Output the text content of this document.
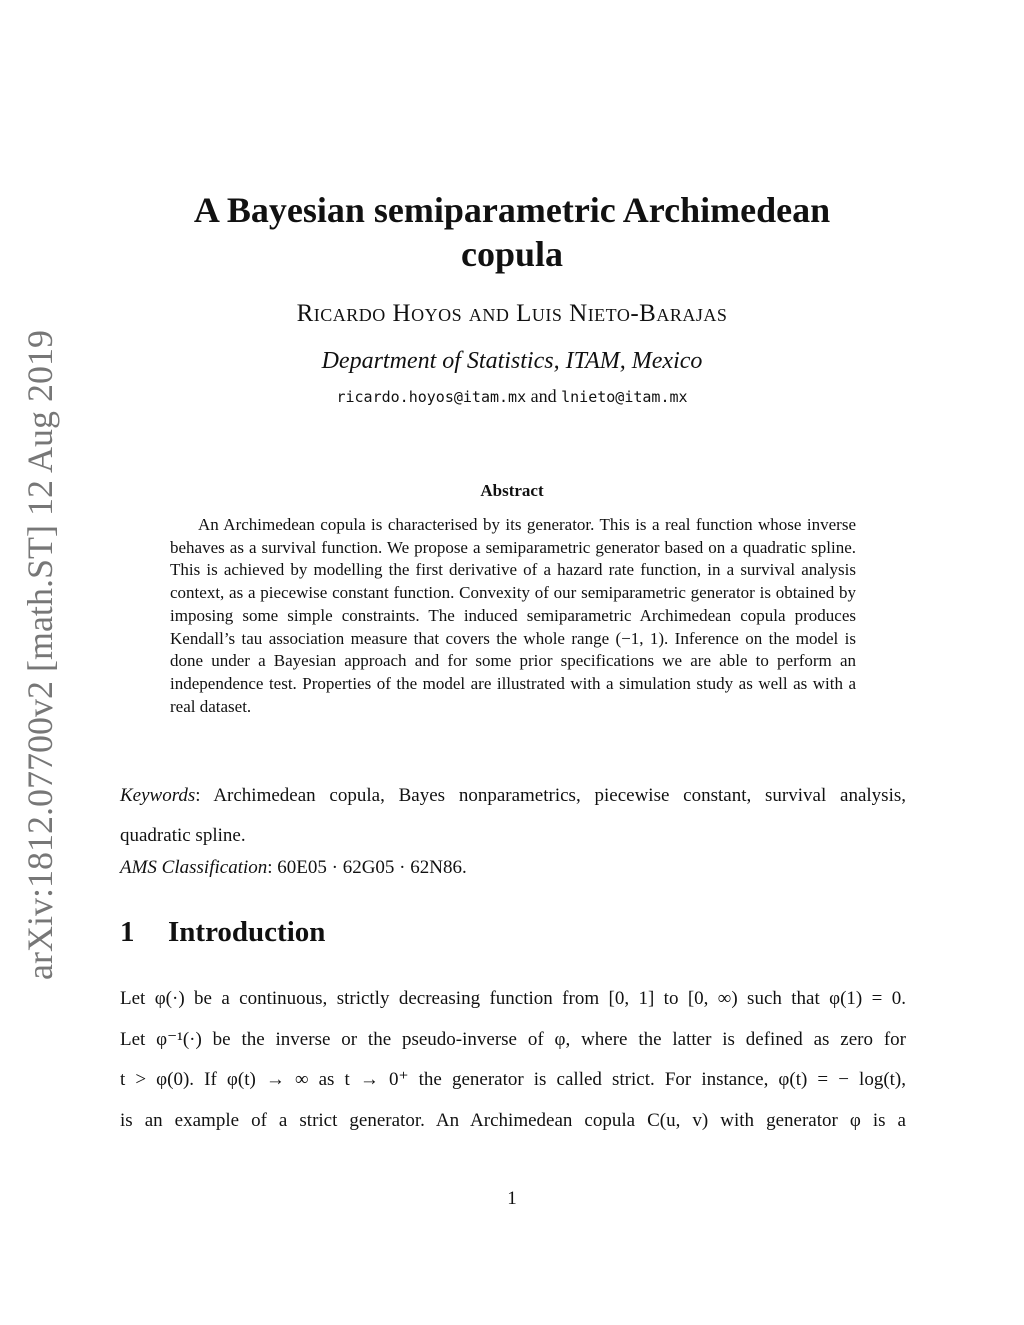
arXiv:1812.07700v2 [math.ST] 12 Aug 2019
A Bayesian semiparametric Archimedean
copula
Ricardo Hoyos and Luis Nieto-Barajas
Department of Statistics, ITAM, Mexico
ricardo.hoyos@itam.mx and lnieto@itam.mx
Abstract

An Archimedean copula is characterised by its generator. This is a real function whose inverse behaves as a survival function. We propose a semiparametric generator based on a quadratic spline. This is achieved by modelling the first derivative of a hazard rate function, in a survival analysis context, as a piecewise constant function. Convexity of our semiparametric generator is obtained by imposing some simple constraints. The induced semiparametric Archimedean copula produces Kendall’s tau association measure that covers the whole range (−1, 1). Inference on the model is done under a Bayesian approach and for some prior specifications we are able to perform an independence test. Properties of the model are illustrated with a simulation study as well as with a real dataset.

Keywords: Archimedean copula, Bayes nonparametrics, piecewise constant, survival analysis, quadratic spline.

AMS Classification: 60E05 · 62G05 · 62N86.

1 Introduction
Let φ(·) be a continuous, strictly decreasing function from [0, 1] to [0, ∞) such that φ(1) = 0.
Let φ⁻¹(·) be the inverse or the pseudo-inverse of φ, where the latter is defined as zero for
t > φ(0). If φ(t) → ∞ as t → 0⁺ the generator is called strict. For instance, φ(t) = − log(t),
is an example of a strict generator. An Archimedean copula C(u, v) with generator φ is a
1
